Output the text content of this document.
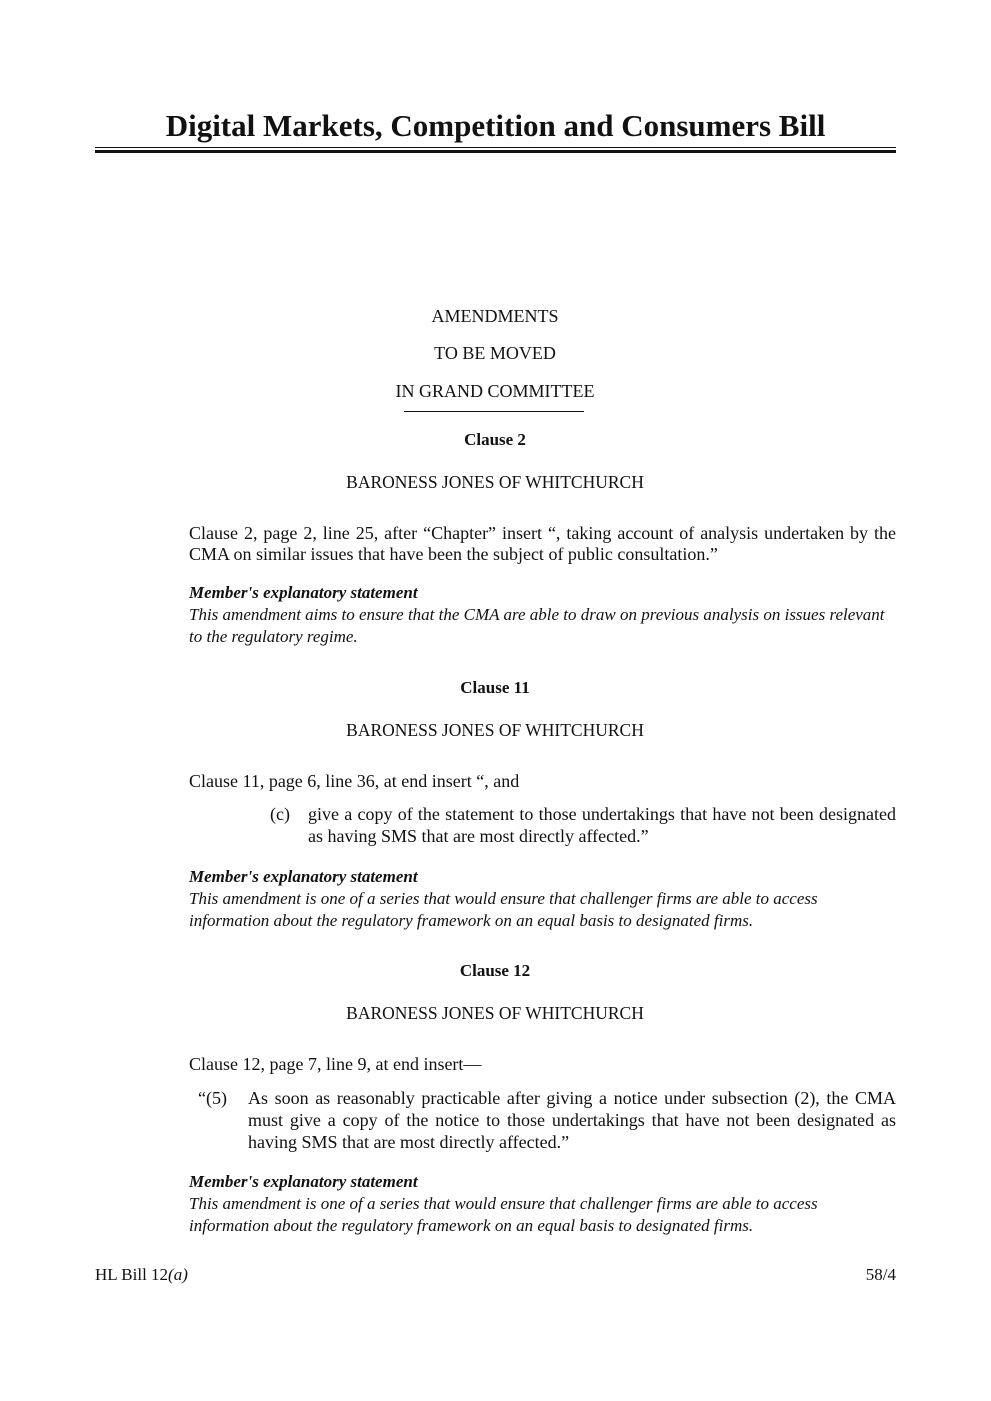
Digital Markets, Competition and Consumers Bill
AMENDMENTS
TO BE MOVED
IN GRAND COMMITTEE
Clause 2
BARONESS JONES OF WHITCHURCH
Clause 2, page 2, line 25, after “Chapter” insert “, taking account of analysis undertaken by the CMA on similar issues that have been the subject of public consultation.”
Member's explanatory statement
This amendment aims to ensure that the CMA are able to draw on previous analysis on issues relevant to the regulatory regime.
Clause 11
BARONESS JONES OF WHITCHURCH
Clause 11, page 6, line 36, at end insert “, and
(c) give a copy of the statement to those undertakings that have not been designated as having SMS that are most directly affected.”
Member's explanatory statement
This amendment is one of a series that would ensure that challenger firms are able to access information about the regulatory framework on an equal basis to designated firms.
Clause 12
BARONESS JONES OF WHITCHURCH
Clause 12, page 7, line 9, at end insert—
“(5) As soon as reasonably practicable after giving a notice under subsection (2), the CMA must give a copy of the notice to those undertakings that have not been designated as having SMS that are most directly affected.”
Member's explanatory statement
This amendment is one of a series that would ensure that challenger firms are able to access information about the regulatory framework on an equal basis to designated firms.
HL Bill 12(a)	58/4
